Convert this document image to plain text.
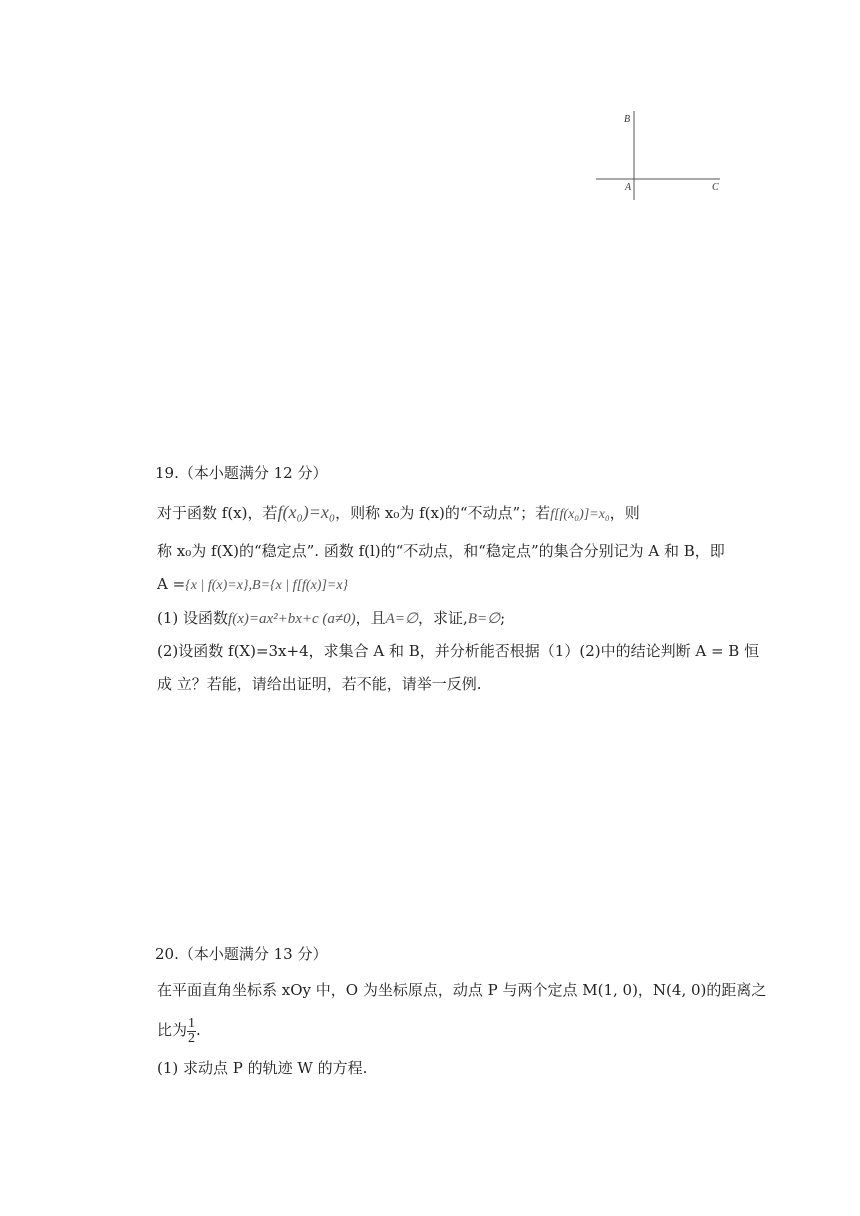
B
A	C
19.（本小题满分 12 分）
对于函数 f(x)，若f(x₀)=x₀，则称 x₀为 f(x)的“不动点”；若f[f(x₀)]=x₀，则
称 x₀为 f(X)的“稳定点”. 函数 f(l)的“不动点，和“稳定点”的集合分别记为 A 和 B，即
A ={x | f(x)=x},B={x | f[f(x)]=x}
(1) 设函数f(x)=ax²+bx+c (a≠0)，且A=∅，求证,B=∅;
(2)设函数 f(X)=3x+4，求集合 A 和 B，并分析能否根据（1）(2)中的结论判断 A = B 恒
成 立？若能，请给出证明，若不能，请举一反例.
20.（本小题满分 13 分）
在平面直角坐标系 xOy 中，O 为坐标原点，动点 P 与两个定点 M(1, 0)，N(4, 0)的距离之
比为 $\frac{1}{2}$ .
(1) 求动点 P 的轨迹 W 的方程.
